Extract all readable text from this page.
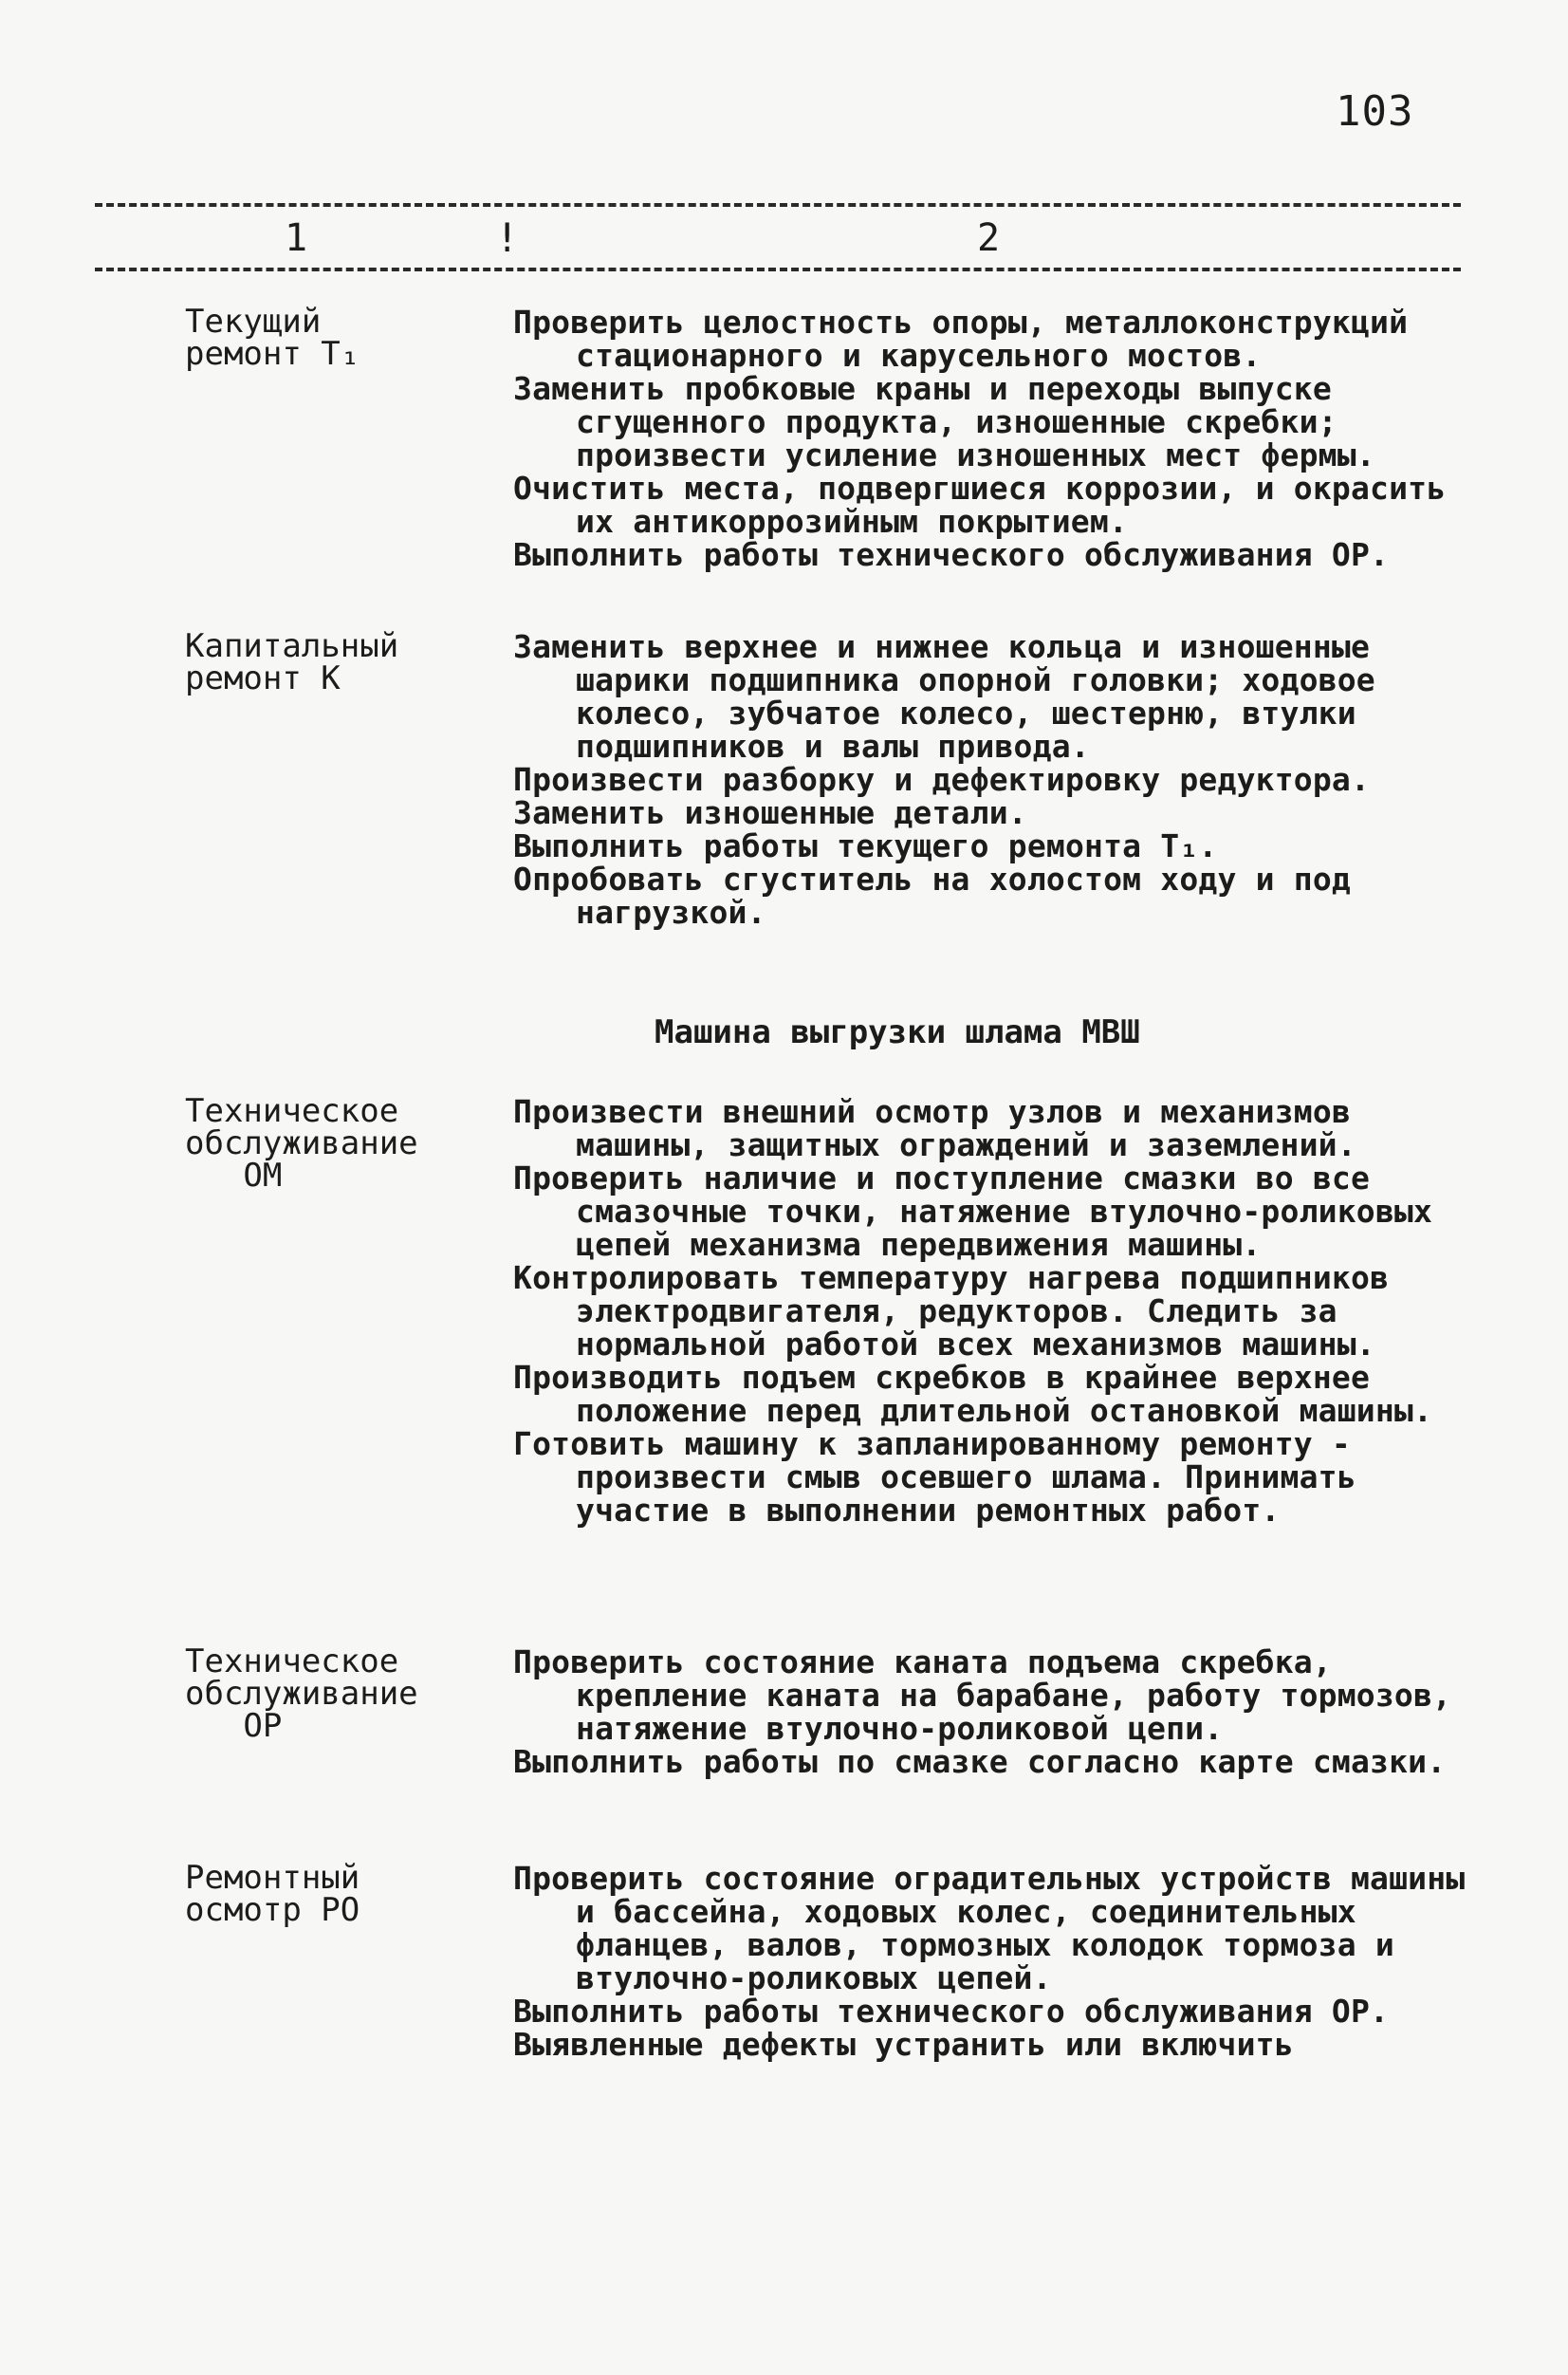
103
1	!	2
Текущий
ремонт Т₁
Проверить целостность опоры, металлоконструкций стационарного и карусельного мостов.
Заменить пробковые краны и переходы выпуске сгущенного продукта, изношенные скребки; произвести усиление изношенных мест фермы.
Очистить места, подвергшиеся коррозии, и окрасить их антикоррозийным покрытием.
Выполнить работы технического обслуживания ОР.
Капитальный
ремонт К
Заменить верхнее и нижнее кольца и изношенные шарики подшипника опорной головки; ходовое колесо, зубчатое колесо, шестерню, втулки подшипников и валы привода.
Произвести разборку и дефектировку редуктора.
Заменить изношенные детали.
Выполнить работы текущего ремонта Т₁.
Опробовать сгуститель на холостом ходу и под нагрузкой.
Машина выгрузки шлама МВШ
Техническое
обслуживание
ОМ
Произвести внешний осмотр узлов и механизмов машины, защитных ограждений и заземлений.
Проверить наличие и поступление смазки во все смазочные точки, натяжение втулочно-роликовых цепей механизма передвижения машины.
Контролировать температуру нагрева подшипников электродвигателя, редукторов. Следить за нормальной работой всех механизмов машины.
Производить подъем скребков в крайнее верхнее положение перед длительной остановкой машины.
Готовить машину к запланированному ремонту - произвести смыв осевшего шлама. Принимать участие в выполнении ремонтных работ.
Техническое
обслуживание
ОР
Проверить состояние каната подъема скребка, крепление каната на барабане, работу тормозов, натяжение втулочно-роликовой цепи.
Выполнить работы по смазке согласно карте смазки.
Ремонтный
осмотр РО
Проверить состояние оградительных устройств машины и бассейна, ходовых колес, соединительных фланцев, валов, тормозных колодок тормоза и втулочно-роликовых цепей.
Выполнить работы технического обслуживания ОР.
Выявленные дефекты устранить или включить
